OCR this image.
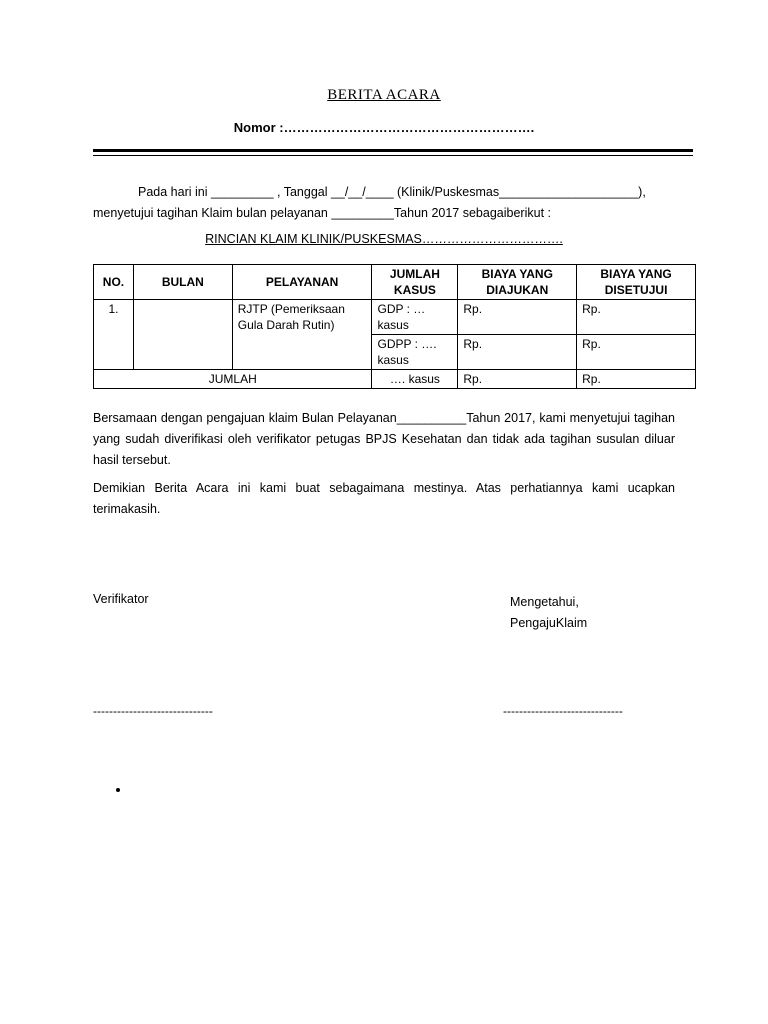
BERITA ACARA
Nomor :………………………………………………….
Pada hari ini _________ , Tanggal __/__/____ (Klinik/Puskesmas____________________),
menyetujui tagihan Klaim bulan pelayanan _________Tahun 2017 sebagaiberikut :
RINCIAN KLAIM KLINIK/PUSKESMAS…………………………….
NO.	BULAN	PELAYANAN	JUMLAH KASUS	BIAYA YANG DIAJUKAN	BIAYA YANG DISETUJUI
1.		RJTP (Pemeriksaan Gula Darah Rutin)	GDP : … kasus	Rp.	Rp.
			GDPP : …. kasus	Rp.	Rp.
JUMLAH			…. kasus	Rp.	Rp.
Bersamaan dengan pengajuan klaim Bulan Pelayanan__________Tahun 2017, kami menyetujui tagihan yang sudah diverifikasi oleh verifikator petugas BPJS Kesehatan dan tidak ada tagihan susulan diluar hasil tersebut.
Demikian Berita Acara ini kami buat sebagaimana mestinya. Atas perhatiannya kami ucapkan terimakasih.
Verifikator	Mengetahui,
PengajuKlaim
------------------------------	------------------------------
